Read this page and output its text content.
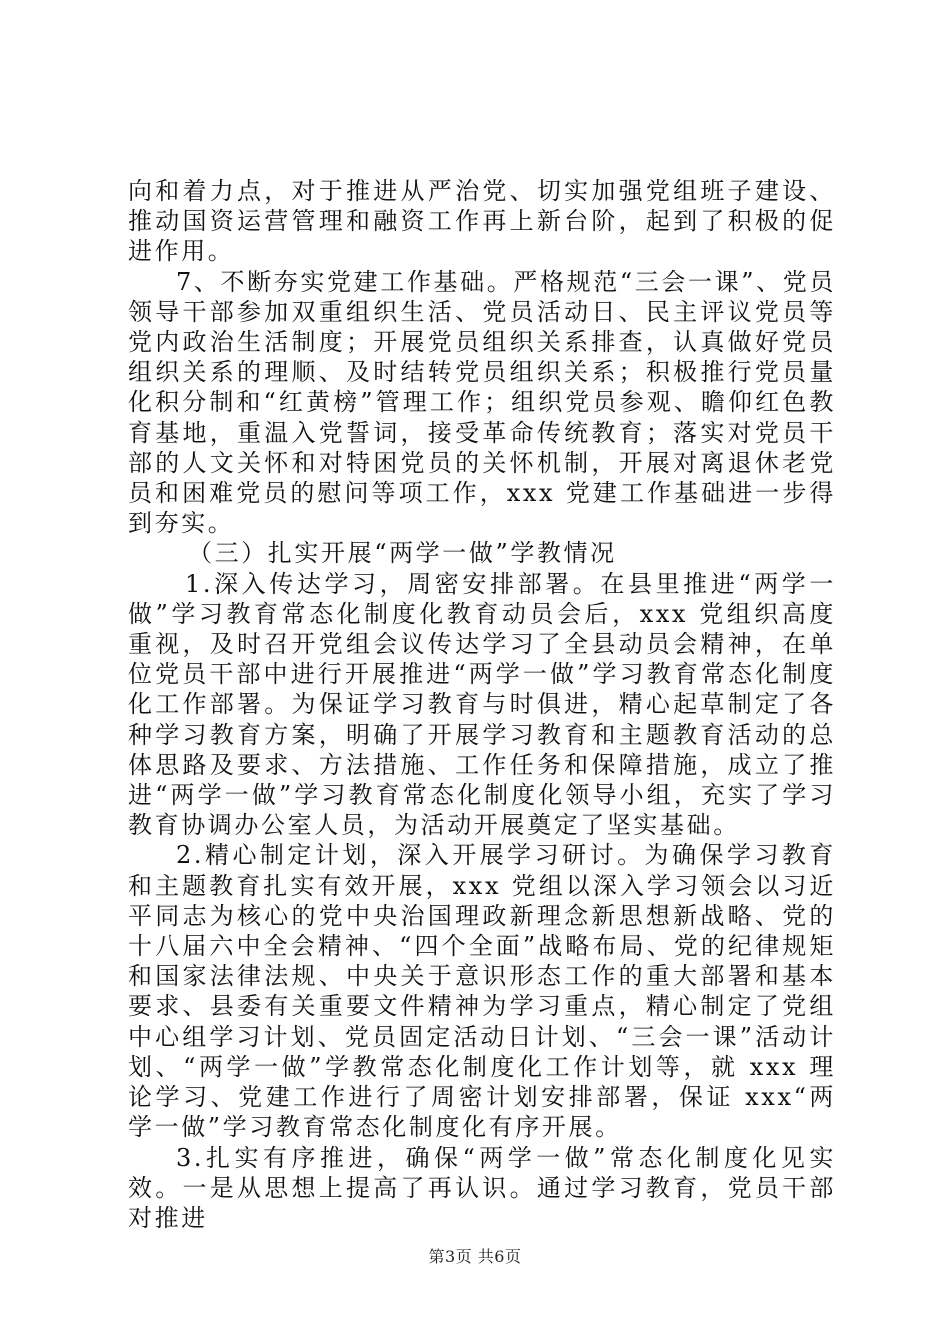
向和着力点，对于推进从严治党、切实加强党组班子建设、推动国资运营管理和融资工作再上新台阶，起到了积极的促进作用。

7、不断夯实党建工作基础。严格规范“三会一课”、党员领导干部参加双重组织生活、党员活动日、民主评议党员等党内政治生活制度；开展党员组织关系排查，认真做好党员组织关系的理顺、及时结转党员组织关系；积极推行党员量化积分制和“红黄榜”管理工作；组织党员参观、瞻仰红色教育基地，重温入党誓词，接受革命传统教育；落实对党员干部的人文关怀和对特困党员的关怀机制，开展对离退休老党员和困难党员的慰问等项工作，xxx 党建工作基础进一步得到夯实。

（三）扎实开展“两学一做”学教情况

1.深入传达学习，周密安排部署。在县里推进“两学一做”学习教育常态化制度化教育动员会后，xxx 党组织高度重视，及时召开党组会议传达学习了全县动员会精神，在单位党员干部中进行开展推进“两学一做”学习教育常态化制度化工作部署。为保证学习教育与时俱进，精心起草制定了各种学习教育方案，明确了开展学习教育和主题教育活动的总体思路及要求、方法措施、工作任务和保障措施，成立了推进“两学一做”学习教育常态化制度化领导小组，充实了学习教育协调办公室人员，为活动开展奠定了坚实基础。

2.精心制定计划，深入开展学习研讨。为确保学习教育和主题教育扎实有效开展，xxx 党组以深入学习领会以习近平同志为核心的党中央治国理政新理念新思想新战略、党的十八届六中全会精神、“四个全面”战略布局、党的纪律规矩和国家法律法规、中央关于意识形态工作的重大部署和基本要求、县委有关重要文件精神为学习重点，精心制定了党组中心组学习计划、党员固定活动日计划、“三会一课”活动计划、“两学一做”学教常态化制度化工作计划等，就 xxx 理论学习、党建工作进行了周密计划安排部署，保证 xxx“两学一做”学习教育常态化制度化有序开展。

3.扎实有序推进，确保“两学一做”常态化制度化见实效。一是从思想上提高了再认识。通过学习教育，党员干部对推进

第3页 共6页
